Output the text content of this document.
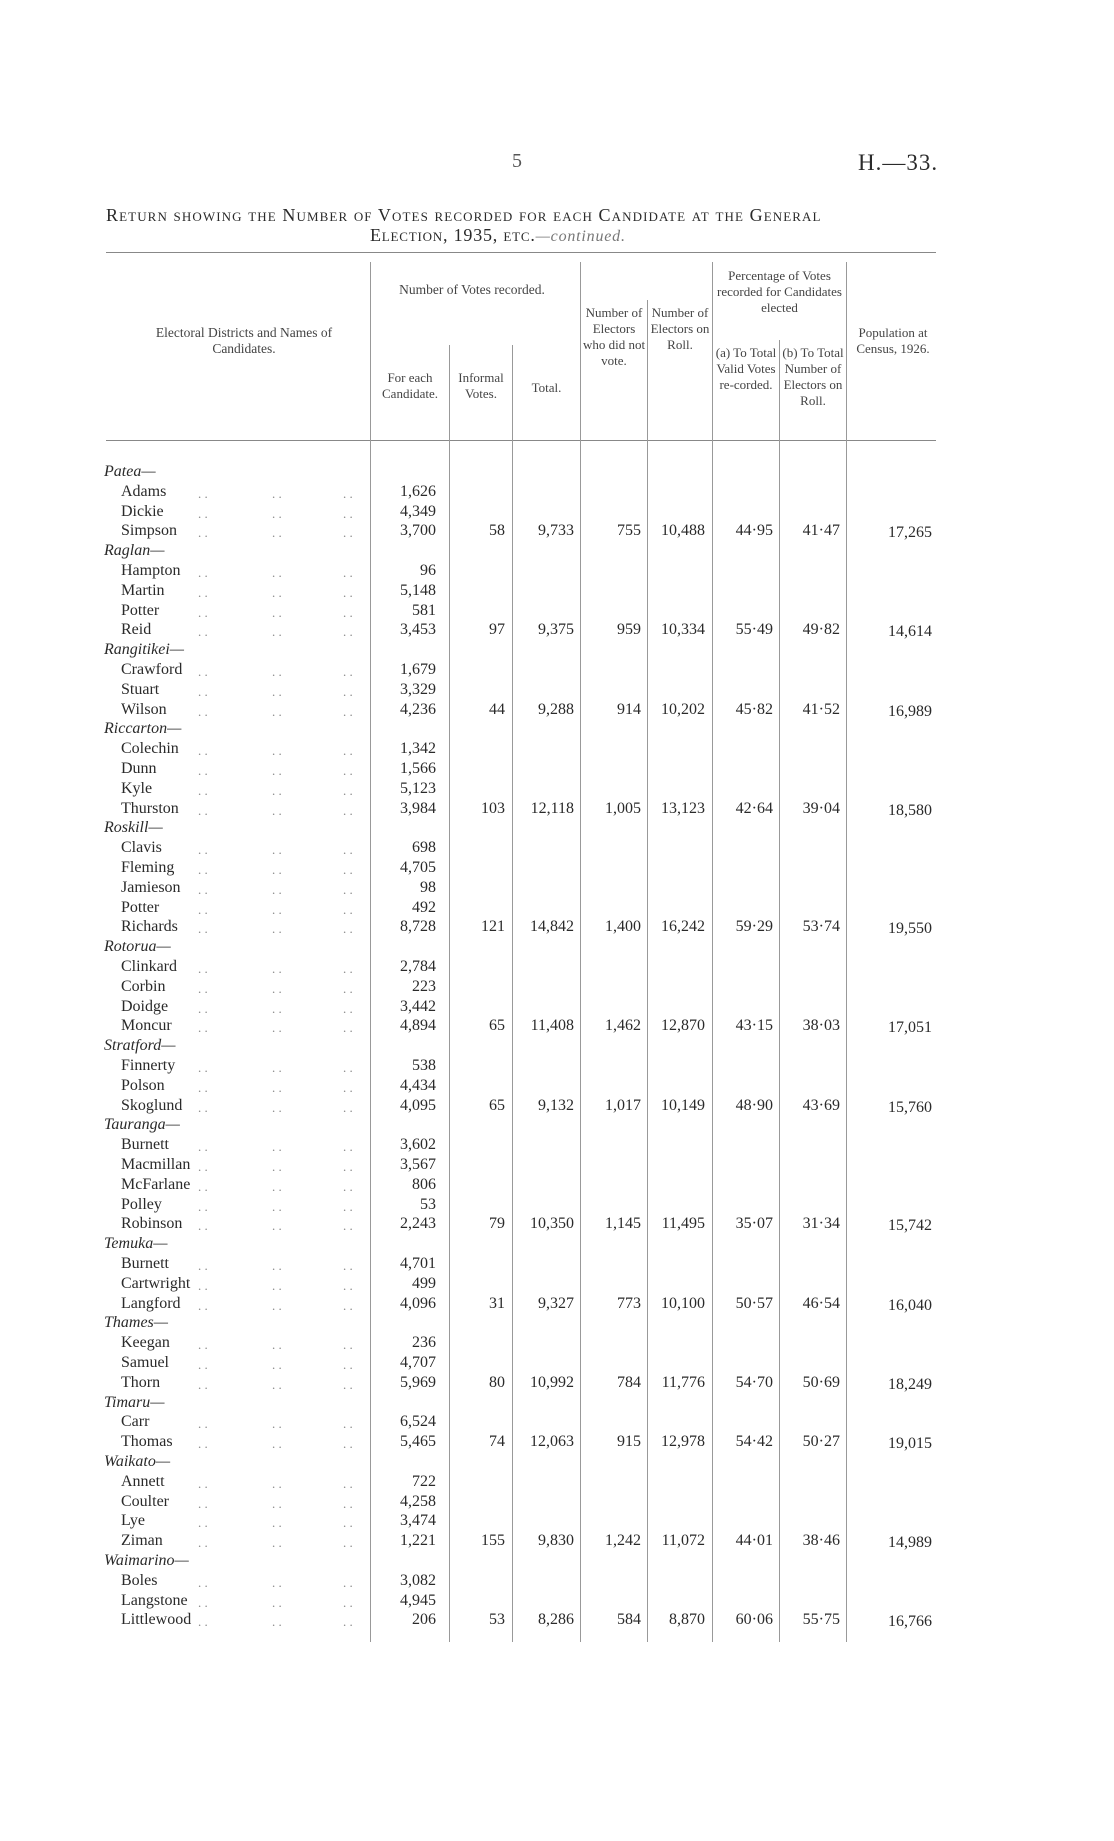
5	H.—33.
Return showing the Number of Votes recorded for each Candidate at the General
Election, 1935, etc.—continued.
Electoral Districts and Names of Candidates.
Number of Votes recorded.
For each Candidate.
Informal Votes.	Total.
Number of Electors who did not vote.
Number of Electors on Roll.
Percentage of Votes recorded for Candidates elected
(a) To Total Valid Votes re-corded.
(b) To Total Number of Electors on Roll.
Population at Census, 1926.
Patea—
Adams . .	. .	. .	1,626
Dickie	. .	. .	. .	4,349
Simpson . .	. .	. .	3,700	58	9,733	755	10,488	44·95	41·47	17,265
Raglan—
Hampton . .	. .	. .	96
Martin	. .	. .	. .	5,148
Potter	. .	. .	. .	581
Reid	. .	. .	. .	3,453	97	9,375	959	10,334	55·49	49·82	14,614
Rangitikei—
Crawford . .	. .	. .	1,679
Stuart	. .	. .	. .	3,329
Wilson . .	. .	. .	4,236	44	9,288	914	10,202	45·82	41·52	16,989
Riccarton—
Colechin . .	. .	. .	1,342
Dunn	. .	. .	. .	1,566
Kyle	. .	. .	. .	5,123
Thurston . .	. .	. .	3,984	103	12,118	1,005	13,123	42·64	39·04	18,580
Roskill—
Clavis	. .	. .	. .	698
Fleming . .	. .	. .	4,705
Jamieson . .	. .	. .	98
Potter	. .	. .	. .	492
Richards . .	. .	. .	8,728	121	14,842	1,400	16,242	59·29	53·74	19,550
Rotorua—
Clinkard . .	. .	. .	2,784
Corbin	. .	. .	. .	223
Doidge . .	. .	. .	3,442
Moncur . .	. .	. .	4,894	65	11,408	1,462	12,870	43·15	38·03	17,051
Stratford—
Finnerty . .	. .	. .	538
Polson	. .	. .	. .	4,434
Skoglund . .	. .	. .	4,095	65	9,132	1,017	10,149	48·90	43·69	15,760
Tauranga—
Burnett . .	. .	. .	3,602
Macmillan . .	. .	. .	3,567
McFarlane . .	. .	. .	806
Polley	. .	. .	. .	53
Robinson . .	. .	. .	2,243	79	10,350	1,145	11,495	35·07	31·34	15,742
Temuka—
Burnett . .	. .	. .	4,701
Cartwright . .	. .	. .	499
Langford . .	. .	. .	4,096	31	9,327	773	10,100	50·57	46·54	16,040
Thames—
Keegan . .	. .	. .	236
Samuel . .	. .	. .	4,707
Thorn	. .	. .	. .	5,969	80	10,992	784	11,776	54·70	50·69	18,249
Timaru—
Carr	. .	. .	. .	6,524
Thomas . .	. .	. .	5,465	74	12,063	915	12,978	54·42	50·27	19,015
Waikato—
Annett	. .	. .	. .	722
Coulter . .	. .	. .	4,258
Lye	. .	. .	. .	3,474
Ziman	. .	. .	. .	1,221	155	9,830	1,242	11,072	44·01	38·46	14,989
Waimarino—
Boles	. .	. .	. .	3,082
Langstone . .	. .	. .	4,945
Littlewood . .	. .	. .	206	53	8,286	584	8,870	60·06	55·75	16,766
